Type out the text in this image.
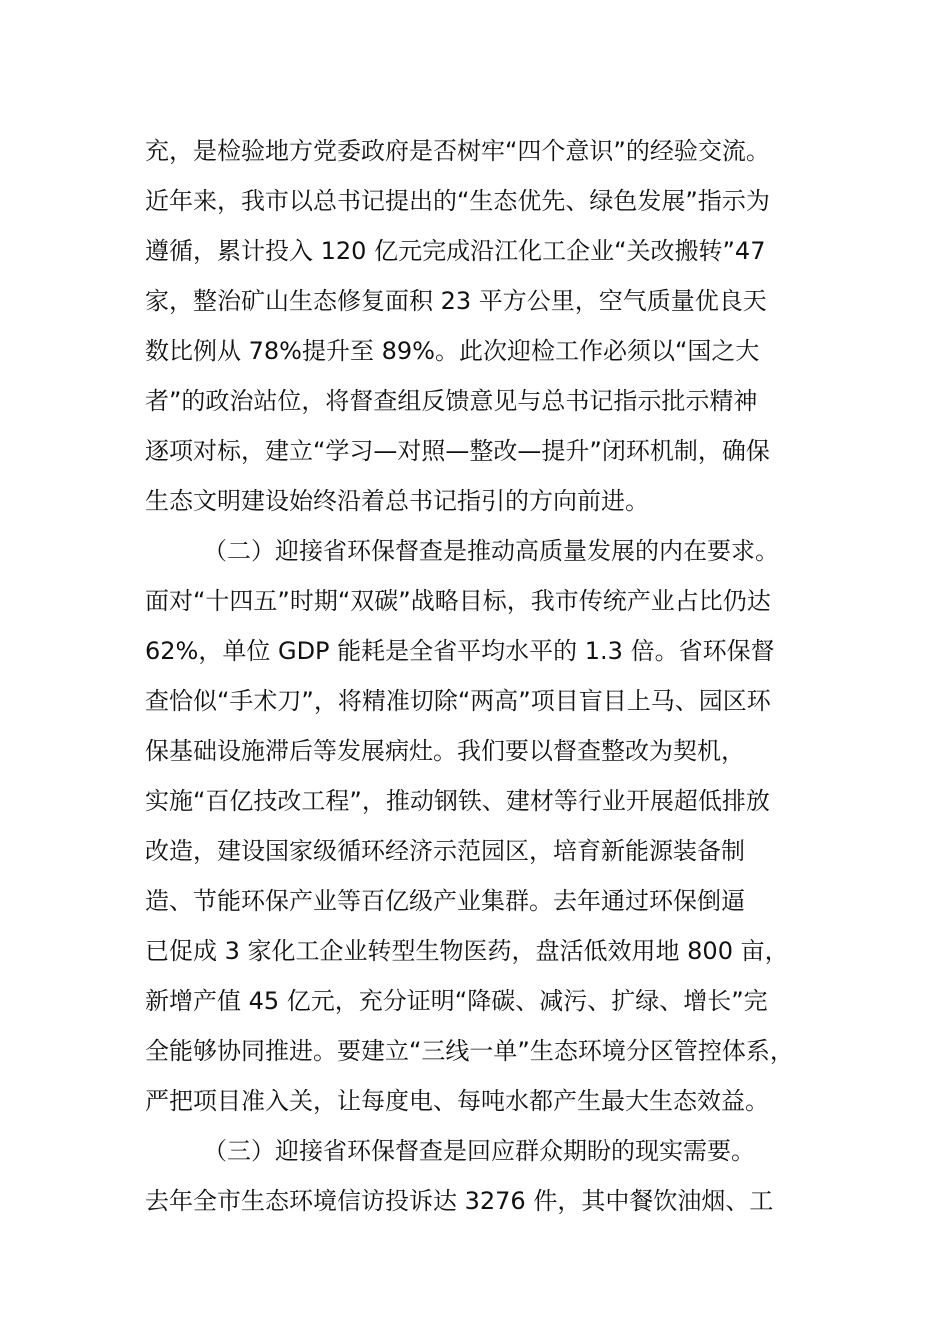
充，是检验地方党委政府是否树牢“四个意识”的经验交流。
近年来，我市以总书记提出的“生态优先、绿色发展”指示为
遵循，累计投入 120 亿元完成沿江化工企业“关改搬转”47
家，整治矿山生态修复面积 23 平方公里，空气质量优良天
数比例从 78%提升至 89%。此次迎检工作必须以“国之大
者”的政治站位，将督查组反馈意见与总书记指示批示精神
逐项对标，建立“学习—对照—整改—提升”闭环机制，确保
生态文明建设始终沿着总书记指引的方向前进。
（二）迎接省环保督查是推动高质量发展的内在要求。
面对“十四五”时期“双碳”战略目标，我市传统产业占比仍达
62%，单位 GDP 能耗是全省平均水平的 1.3 倍。省环保督
查恰似“手术刀”，将精准切除“两高”项目盲目上马、园区环
保基础设施滞后等发展病灶。我们要以督查整改为契机，
实施“百亿技改工程”，推动钢铁、建材等行业开展超低排放
改造，建设国家级循环经济示范园区，培育新能源装备制
造、节能环保产业等百亿级产业集群。去年通过环保倒逼
已促成 3 家化工企业转型生物医药，盘活低效用地 800 亩，
新增产值 45 亿元，充分证明“降碳、减污、扩绿、增长”完
全能够协同推进。要建立“三线一单”生态环境分区管控体系，
严把项目准入关，让每度电、每吨水都产生最大生态效益。
（三）迎接省环保督查是回应群众期盼的现实需要。
去年全市生态环境信访投诉达 3276 件，其中餐饮油烟、工
